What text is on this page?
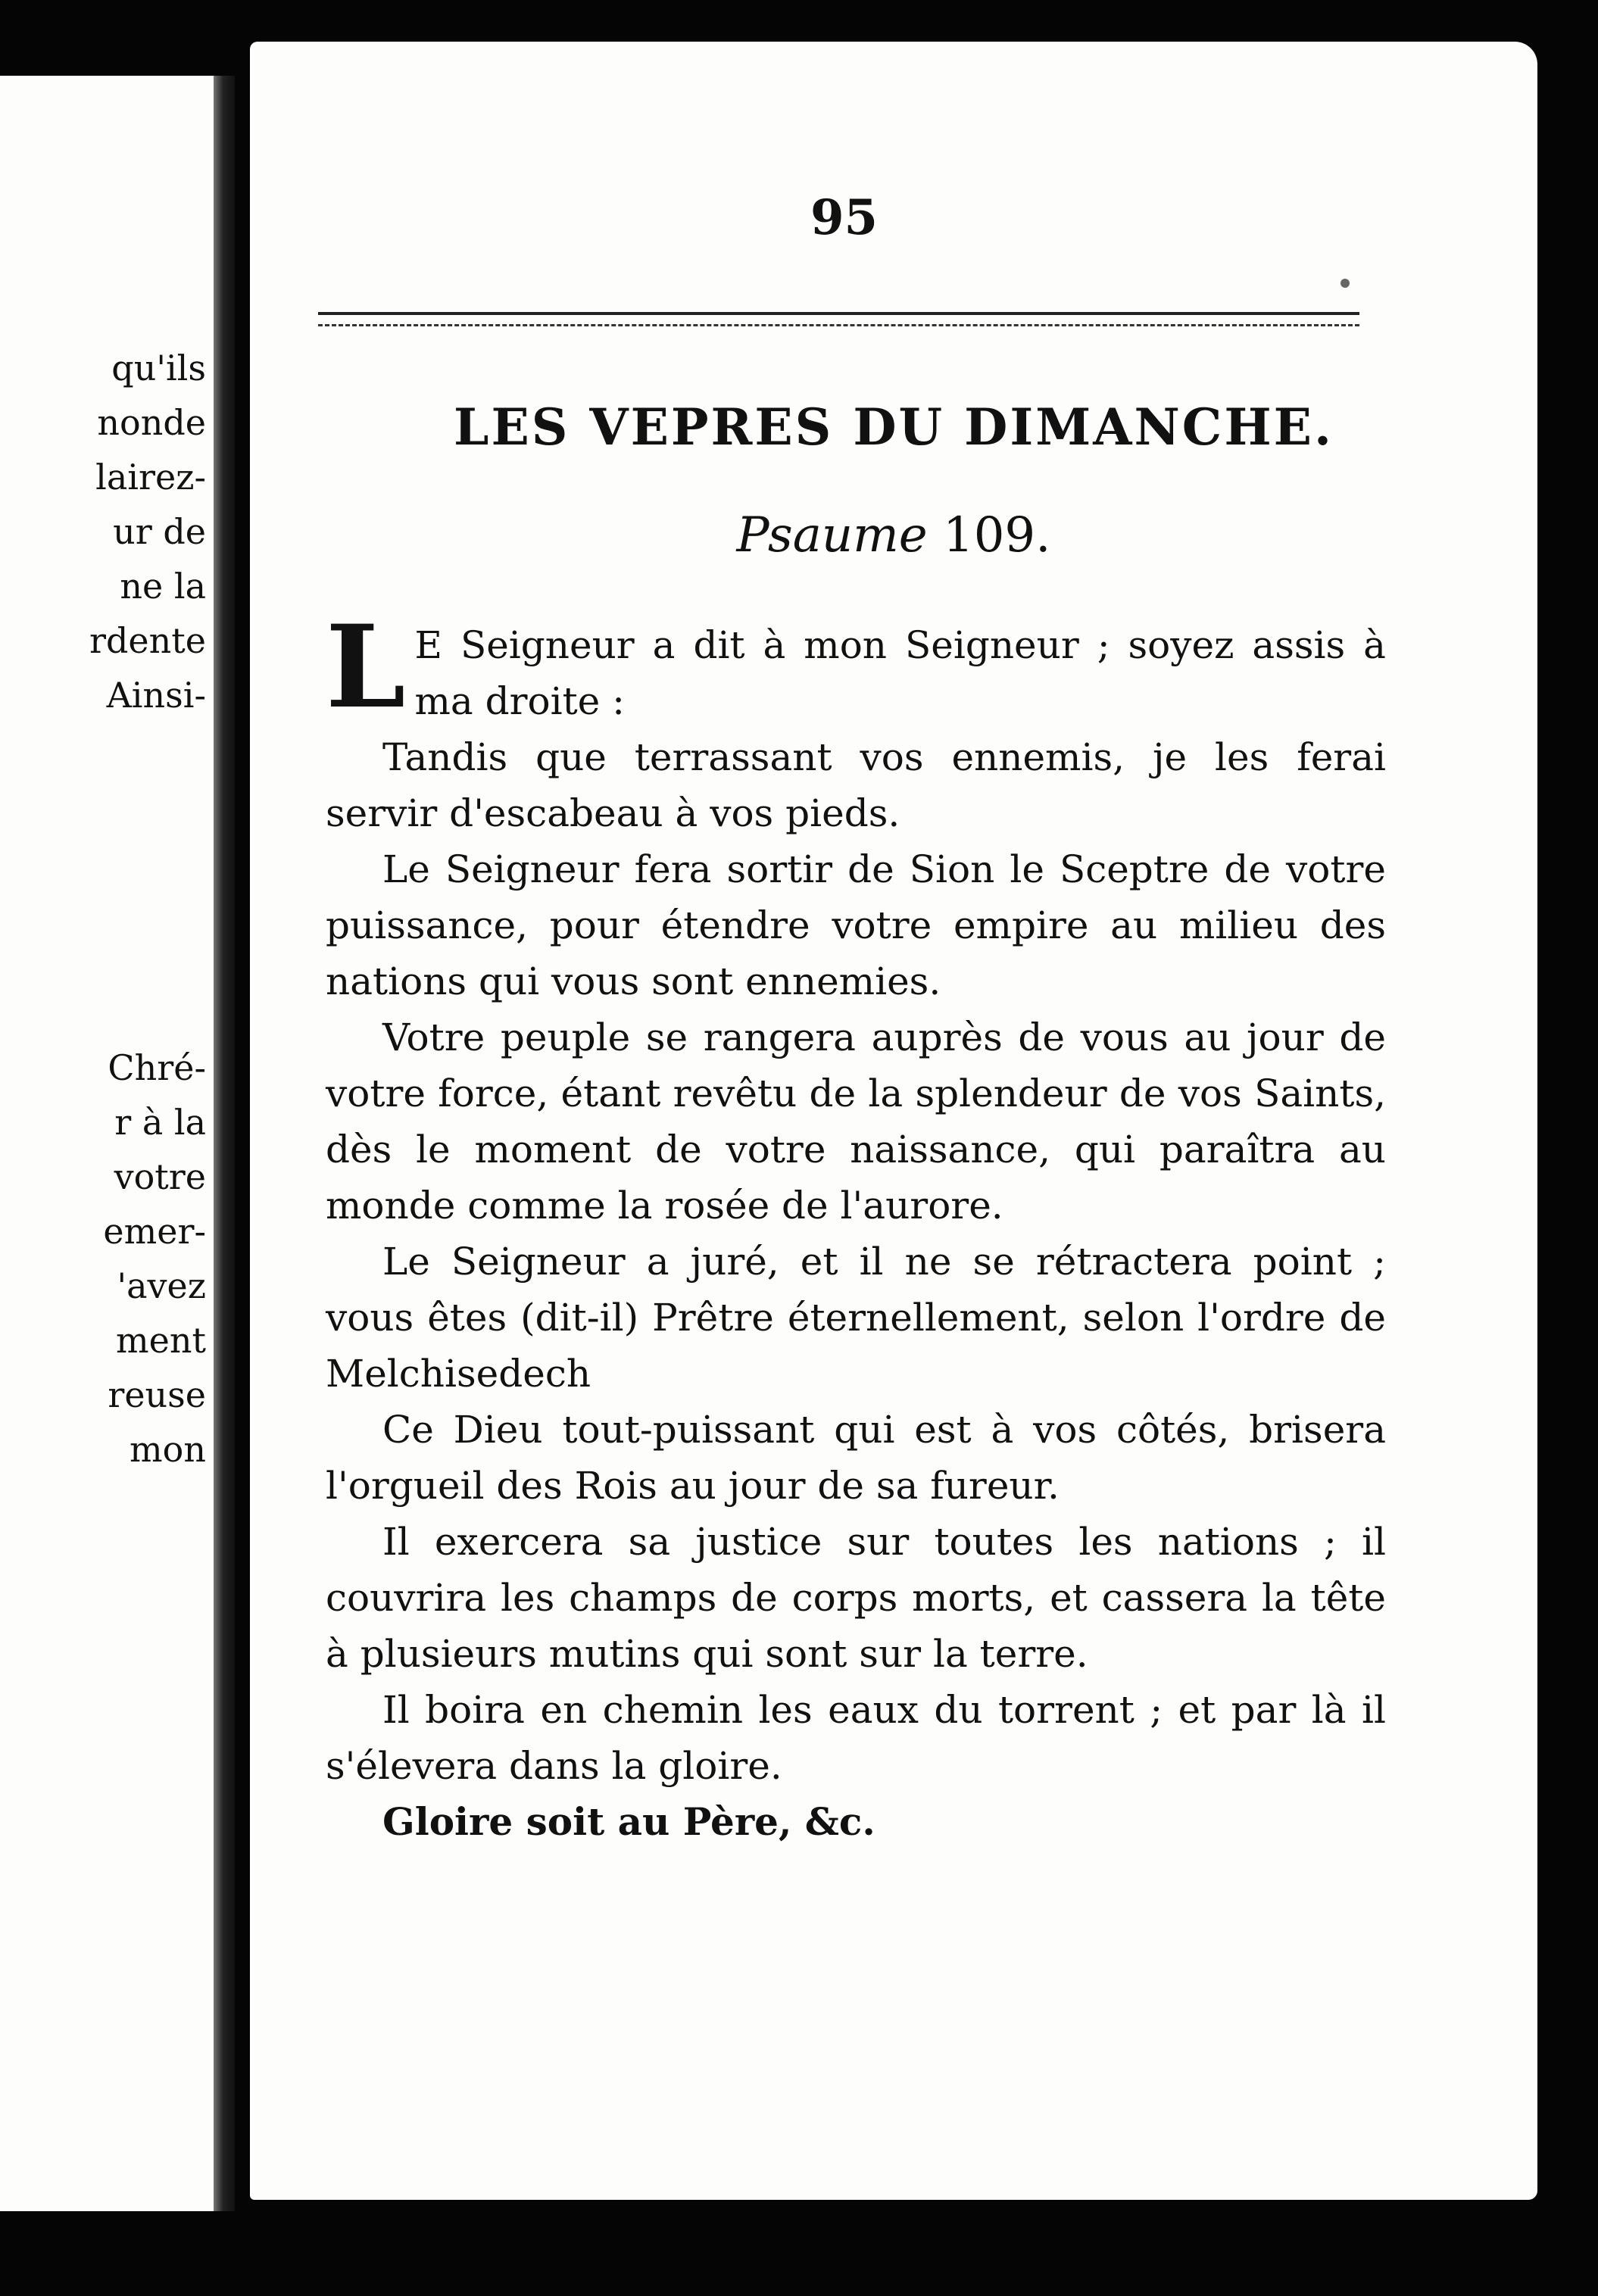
qu'ils
nonde
lairez-
ur de
ne la
rdente
Ainsi-
Chré-
r à la
votre
emer-
'avez
ment
reuse
mon
95
LES VEPRES DU DIMANCHE.
Psaume 109.

L E Seigneur a dit à mon Seigneur ; soyez assis à ma droite :

Tandis que terrassant vos ennemis, je les ferai servir d'escabeau à vos pieds.

Le Seigneur fera sortir de Sion le Sceptre de votre puissance, pour étendre votre empire au milieu des nations qui vous sont ennemies.

Votre peuple se rangera auprès de vous au jour de votre force, étant revêtu de la splendeur de vos Saints, dès le moment de votre naissance, qui paraîtra au monde comme la rosée de l'aurore.

Le Seigneur a juré, et il ne se rétractera point ; vous êtes (dit-il) Prêtre éternellement, selon l'ordre de Melchisedech

Ce Dieu tout-puissant qui est à vos côtés, brisera l'orgueil des Rois au jour de sa fureur.

Il exercera sa justice sur toutes les nations ; il couvrira les champs de corps morts, et cassera la tête à plusieurs mutins qui sont sur la terre.

Il boira en chemin les eaux du torrent ; et par là il s'élevera dans la gloire.

Gloire soit au Père, &c.
